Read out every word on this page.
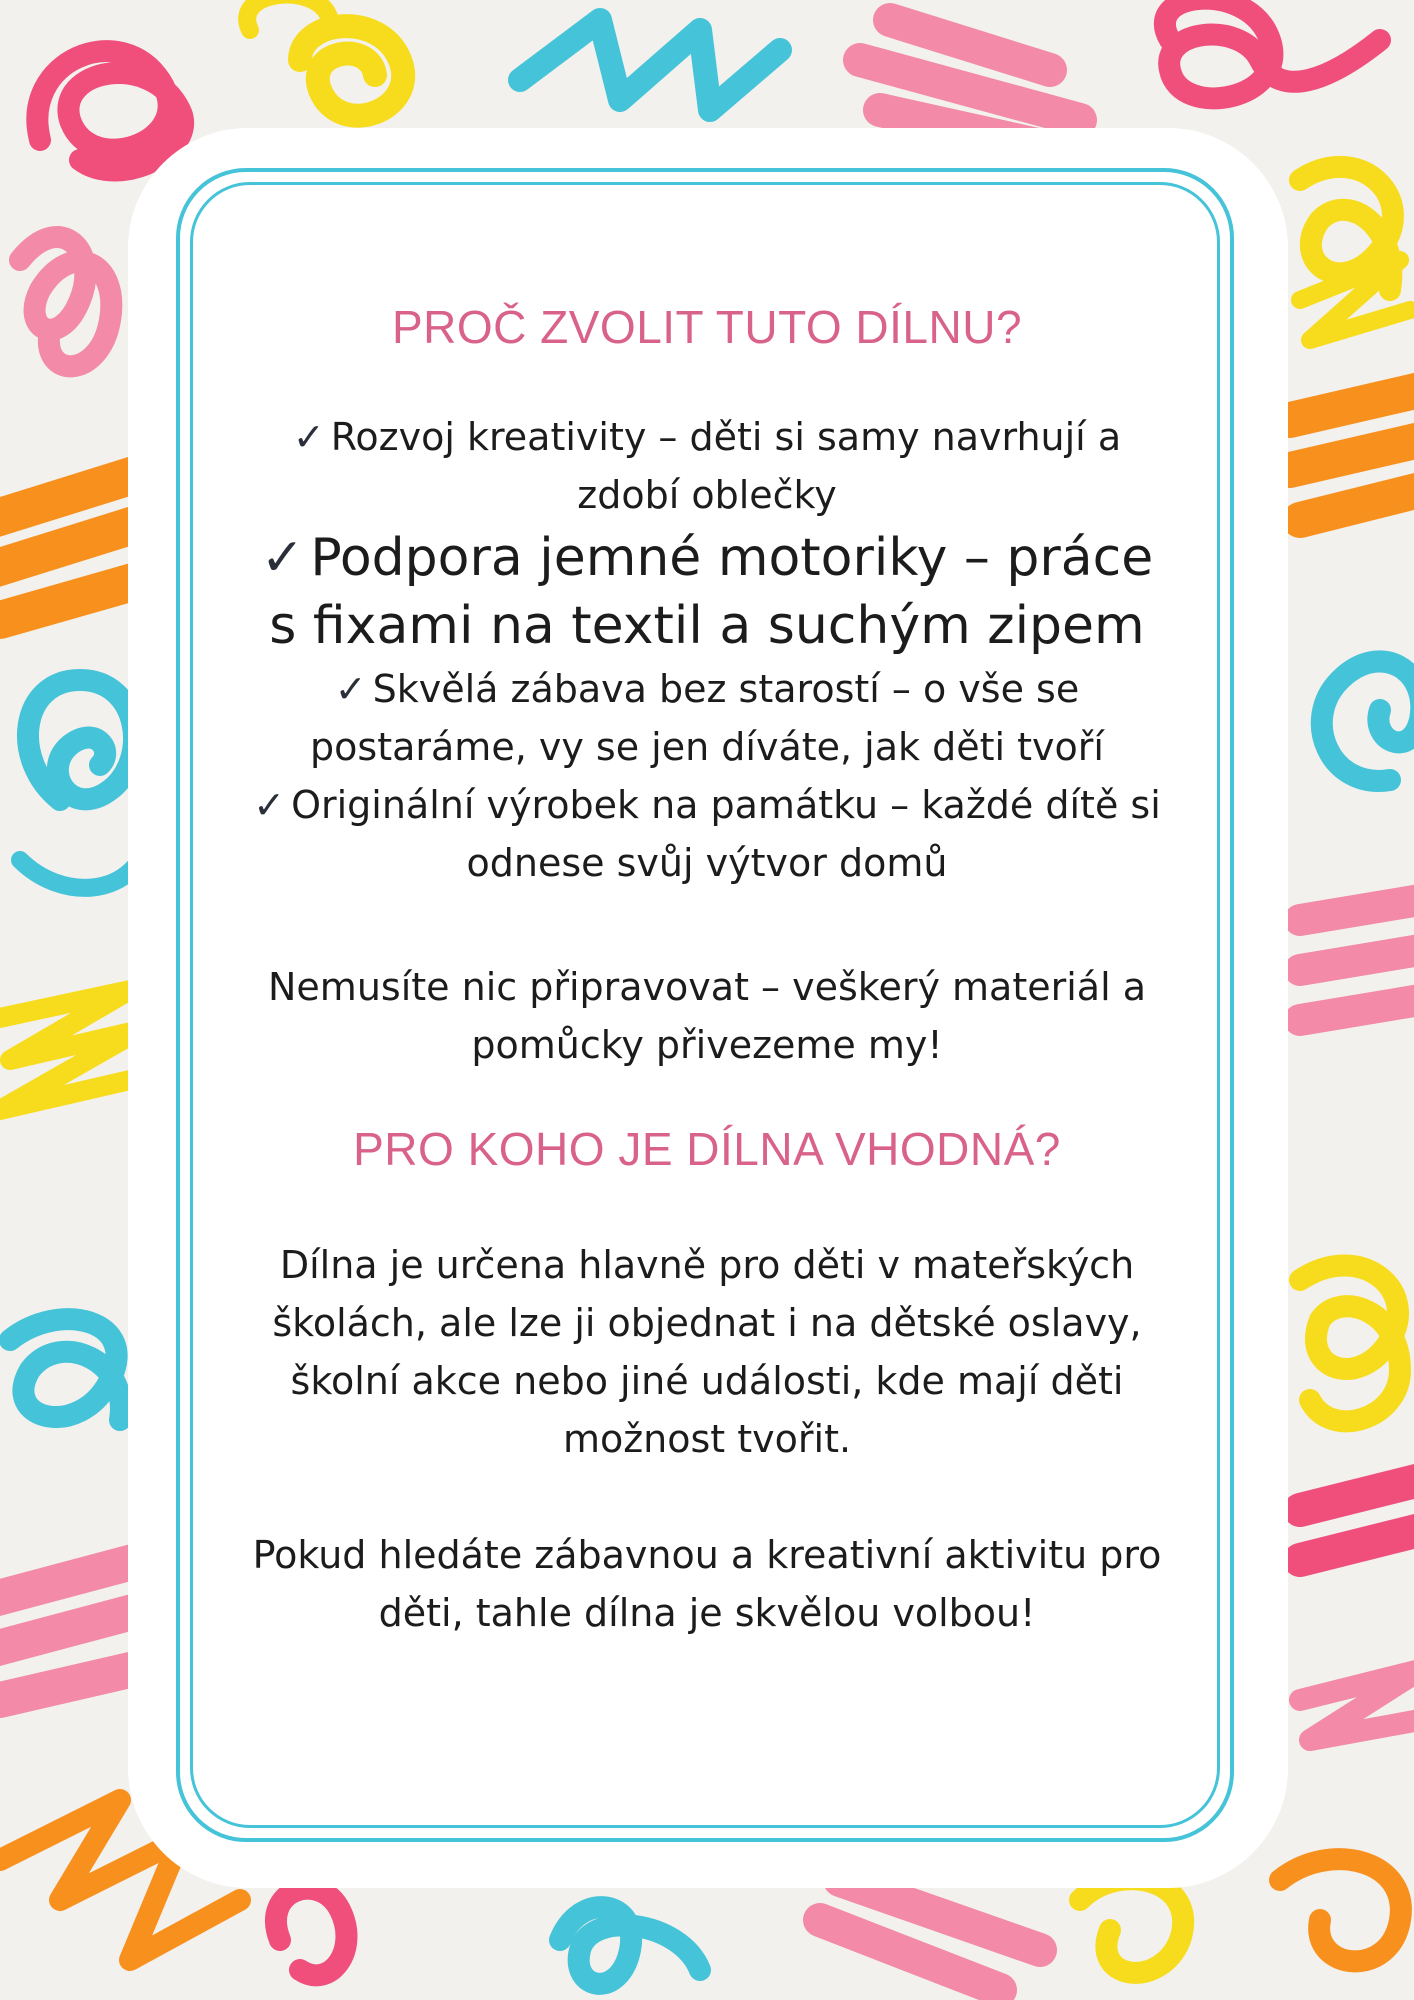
PROČ ZVOLIT TUTO DÍLNU?
✓ Rozvoj kreativity – děti si samy navrhují a zdobí oblečky
✓ Podpora jemné motoriky – práce s fixami na textil a suchým zipem
✓ Skvělá zábava bez starostí – o vše se postaráme, vy se jen díváte, jak děti tvoří
✓ Originální výrobek na památku – každé dítě si odnese svůj výtvor domů

Nemusíte nic připravovat – veškerý materiál a pomůcky přivezeme my!

PRO KOHO JE DÍLNA VHODNÁ?

Dílna je určena hlavně pro děti v mateřských školách, ale lze ji objednat i na dětské oslavy, školní akce nebo jiné události, kde mají děti možnost tvořit.

Pokud hledáte zábavnou a kreativní aktivitu pro děti, tahle dílna je skvělou volbou!
